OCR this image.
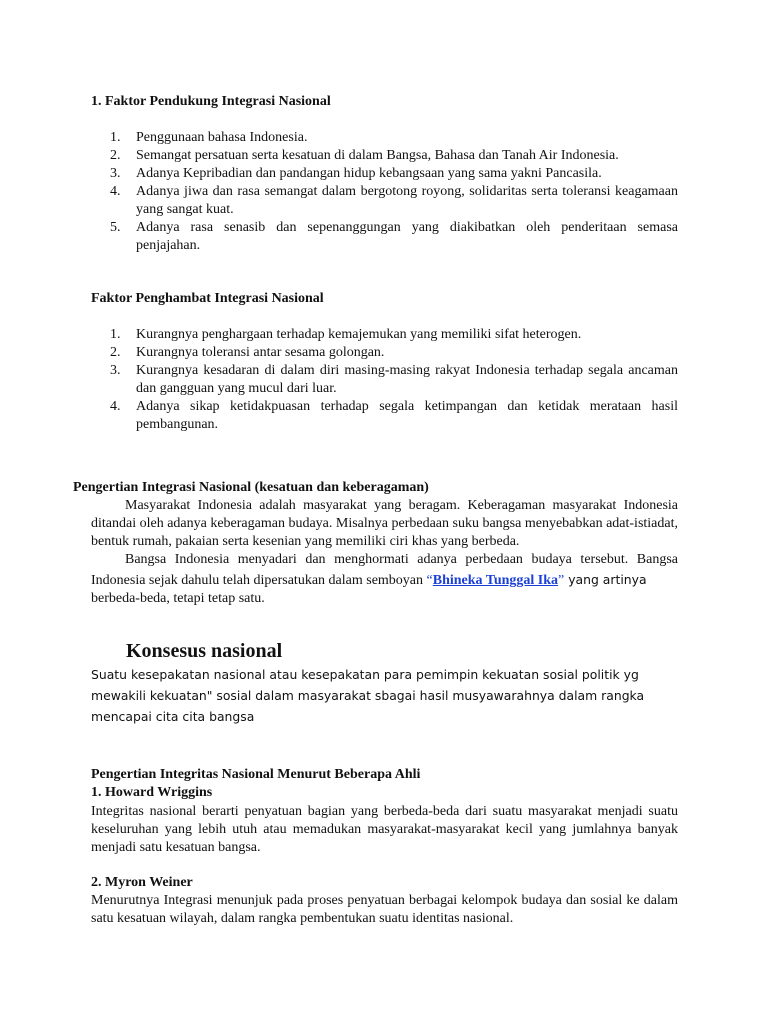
1. Faktor Pendukung Integrasi Nasional
1. Penggunaan bahasa Indonesia.
2. Semangat persatuan serta kesatuan di dalam Bangsa, Bahasa dan Tanah Air Indonesia.
3. Adanya Kepribadian dan pandangan hidup kebangsaan yang sama yakni Pancasila.
4. Adanya jiwa dan rasa semangat dalam bergotong royong, solidaritas serta toleransi keagamaan yang sangat kuat.
5. Adanya rasa senasib dan sepenanggungan yang diakibatkan oleh penderitaan semasa penjajahan.
Faktor Penghambat Integrasi Nasional
1. Kurangnya penghargaan terhadap kemajemukan yang memiliki sifat heterogen.
2. Kurangnya toleransi antar sesama golongan.
3. Kurangnya kesadaran di dalam diri masing-masing rakyat Indonesia terhadap segala ancaman dan gangguan yang mucul dari luar.
4. Adanya sikap ketidakpuasan terhadap segala ketimpangan dan ketidak merataan hasil pembangunan.
Pengertian Integrasi Nasional (kesatuan dan keberagaman)

Masyarakat Indonesia adalah masyarakat yang beragam. Keberagaman masyarakat Indonesia ditandai oleh adanya keberagaman budaya. Misalnya perbedaan suku bangsa menyebabkan adat-istiadat, bentuk rumah, pakaian serta kesenian yang memiliki ciri khas yang berbeda.

Bangsa Indonesia menyadari dan menghormati adanya perbedaan budaya tersebut. Bangsa Indonesia sejak dahulu telah dipersatukan dalam semboyan “Bhineka Tunggal Ika” yang artinya

berbeda-beda, tetapi tetap satu.

Konsesus nasional
Suatu kesepakatan nasional atau kesepakatan para pemimpin kekuatan sosial politik yg
mewakili kekuatan" sosial dalam masyarakat sbagai hasil musyawarahnya dalam rangka
mencapai cita cita bangsa
Pengertian Integritas Nasional Menurut Beberapa Ahli
1. Howard Wriggins
Integritas nasional berarti penyatuan bagian yang berbeda-beda dari suatu masyarakat menjadi suatu keseluruhan yang lebih utuh atau memadukan masyarakat-masyarakat kecil yang jumlahnya banyak menjadi satu kesatuan bangsa.
2. Myron Weiner
Menurutnya Integrasi menunjuk pada proses penyatuan berbagai kelompok budaya dan sosial ke dalam satu kesatuan wilayah, dalam rangka pembentukan suatu identitas nasional.
